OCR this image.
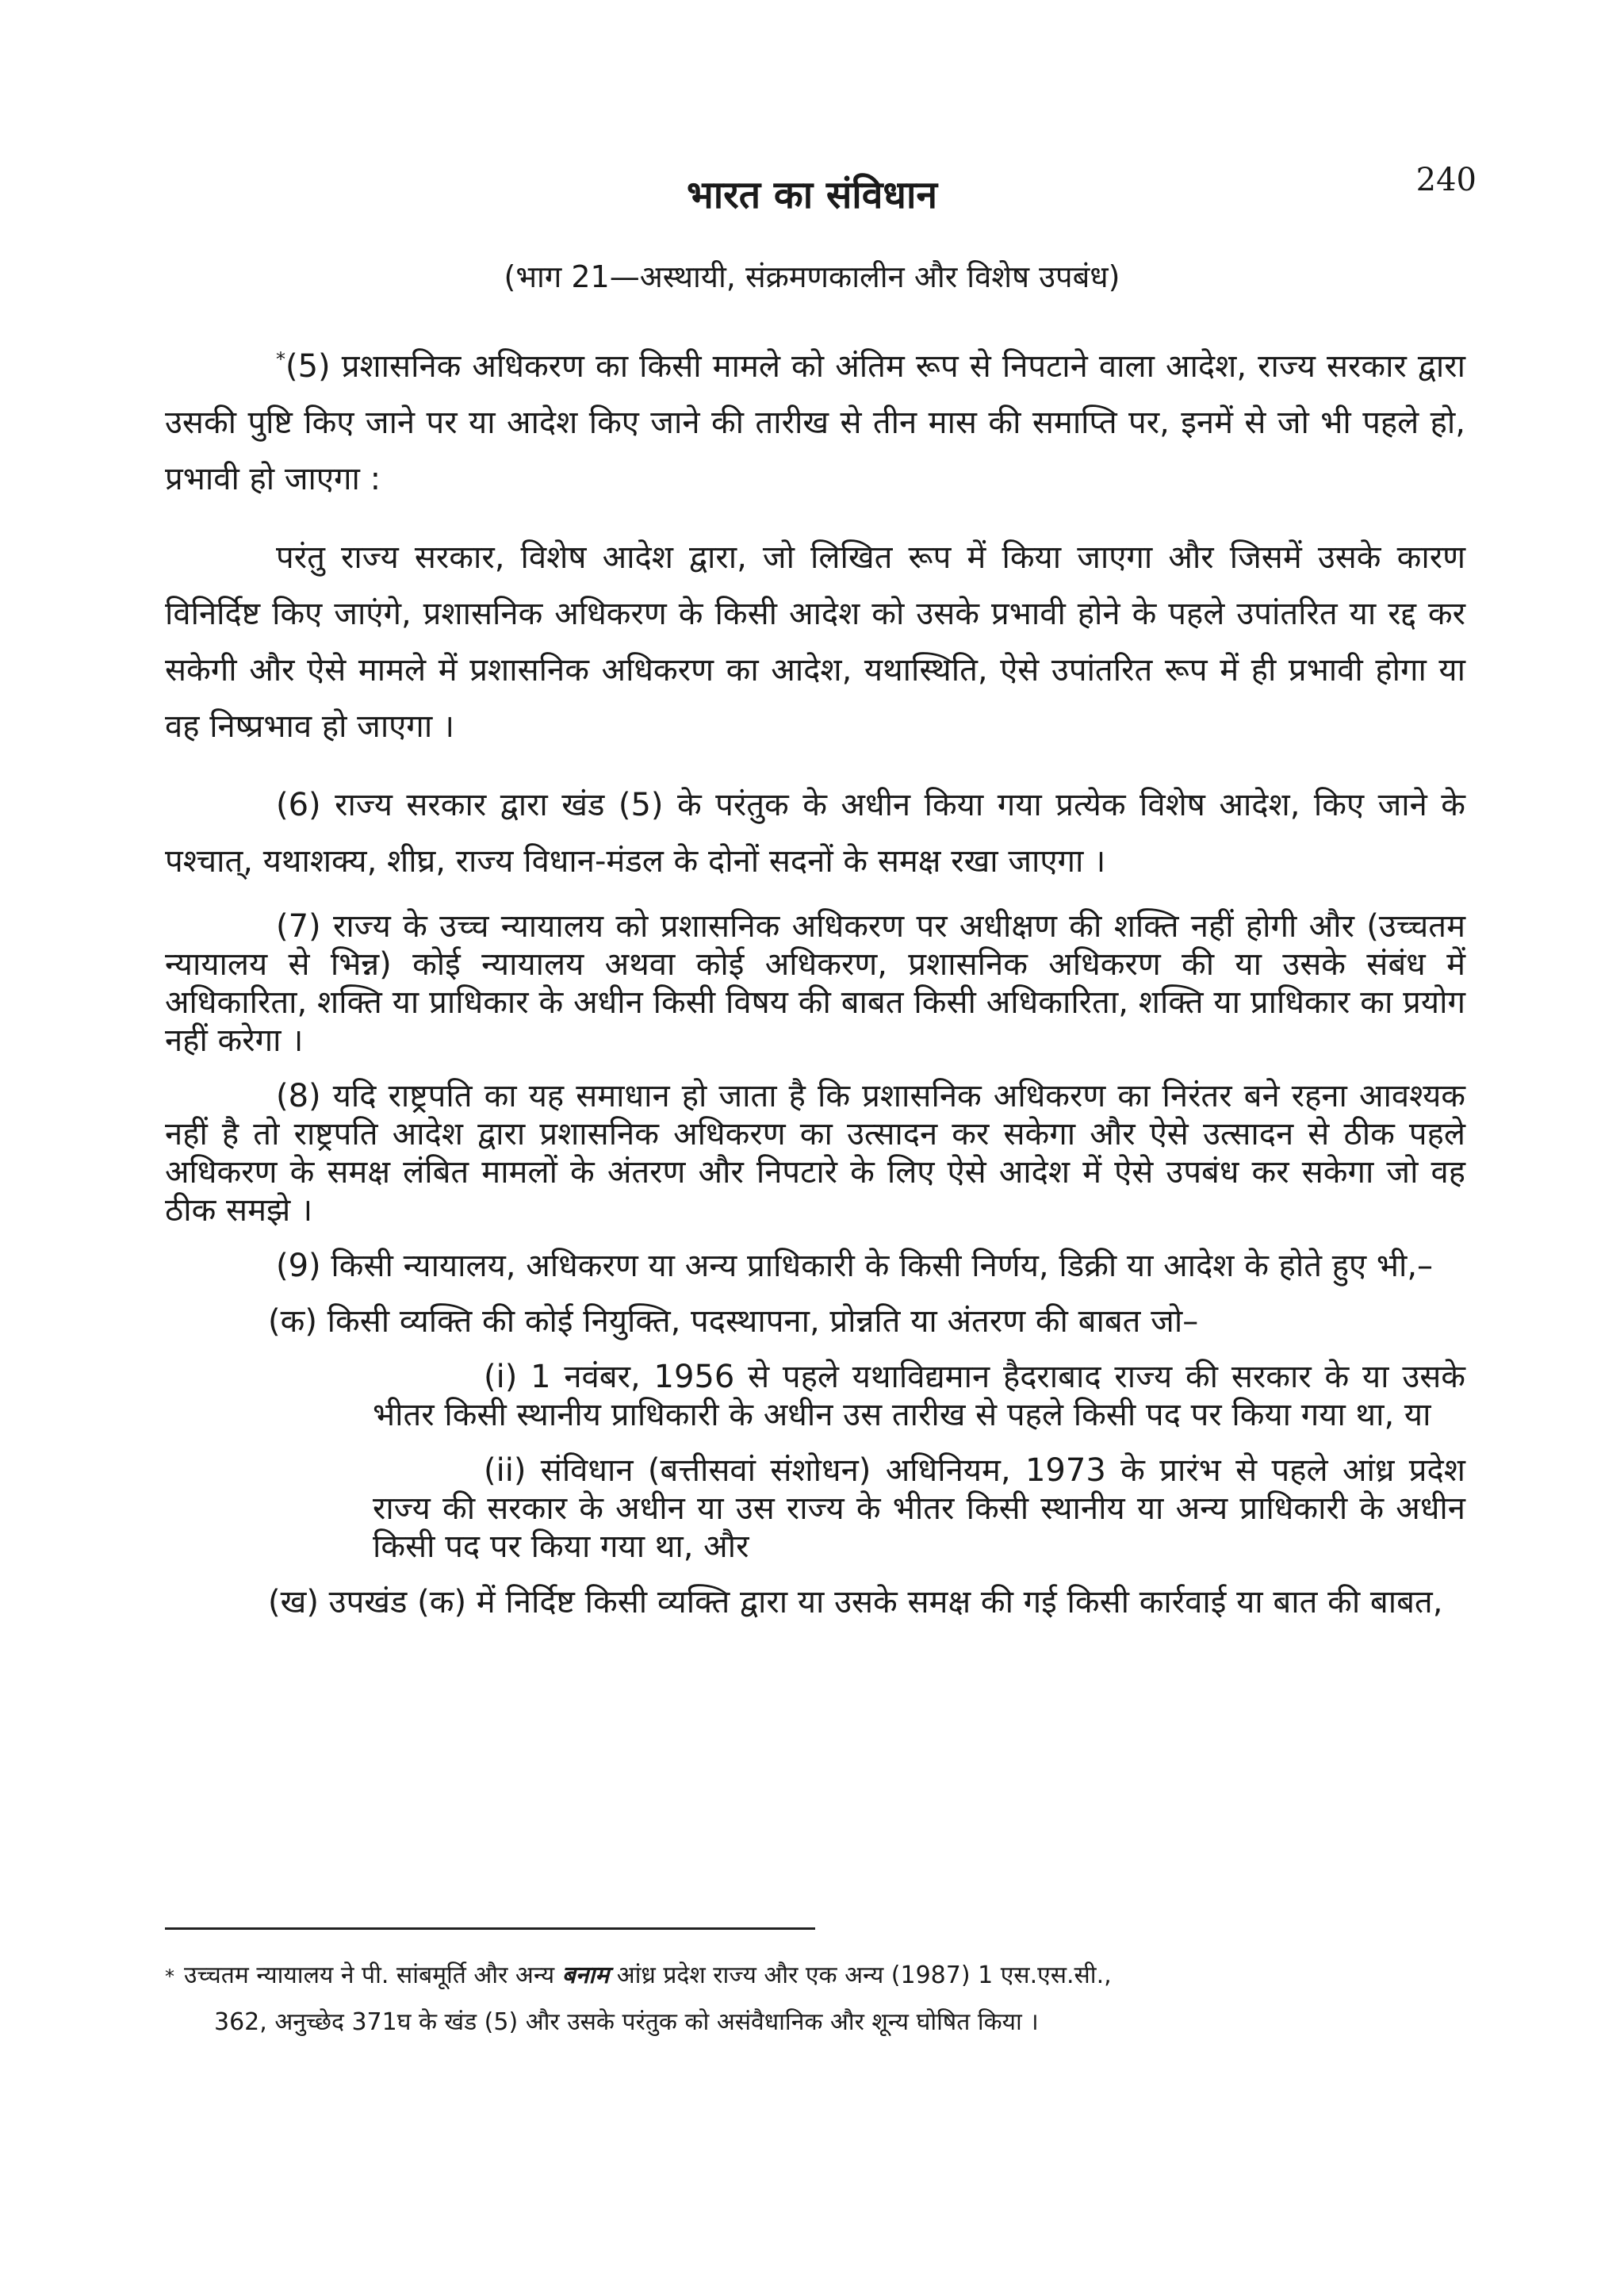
240
भारत का संविधान
(भाग 21—अस्थायी, संक्रमणकालीन और विशेष उपबंध)

*(5) प्रशासनिक अधिकरण का किसी मामले को अंतिम रूप से निपटाने वाला आदेश, राज्य सरकार द्वारा उसकी पुष्टि किए जाने पर या आदेश किए जाने की तारीख से तीन मास की समाप्ति पर, इनमें से जो भी पहले हो, प्रभावी हो जाएगा :

परंतु राज्य सरकार, विशेष आदेश द्वारा, जो लिखित रूप में किया जाएगा और जिसमें उसके कारण विनिर्दिष्ट किए जाएंगे, प्रशासनिक अधिकरण के किसी आदेश को उसके प्रभावी होने के पहले उपांतरित या रद्द कर सकेगी और ऐसे मामले में प्रशासनिक अधिकरण का आदेश, यथास्थिति, ऐसे उपांतरित रूप में ही प्रभावी होगा या वह निष्प्रभाव हो जाएगा ।

(6) राज्य सरकार द्वारा खंड (5) के परंतुक के अधीन किया गया प्रत्येक विशेष आदेश, किए जाने के पश्चात्, यथाशक्य, शीघ्र, राज्य विधान-मंडल के दोनों सदनों के समक्ष रखा जाएगा ।

(7) राज्य के उच्च न्यायालय को प्रशासनिक अधिकरण पर अधीक्षण की शक्ति नहीं होगी और (उच्चतम न्यायालय से भिन्न) कोई न्यायालय अथवा कोई अधिकरण, प्रशासनिक अधिकरण की या उसके संबंध में अधिकारिता, शक्ति या प्राधिकार के अधीन किसी विषय की बाबत किसी अधिकारिता, शक्ति या प्राधिकार का प्रयोग नहीं करेगा ।

(8) यदि राष्ट्रपति का यह समाधान हो जाता है कि प्रशासनिक अधिकरण का निरंतर बने रहना आवश्यक नहीं है तो राष्ट्रपति आदेश द्वारा प्रशासनिक अधिकरण का उत्सादन कर सकेगा और ऐसे उत्सादन से ठीक पहले अधिकरण के समक्ष लंबित मामलों के अंतरण और निपटारे के लिए ऐसे आदेश में ऐसे उपबंध कर सकेगा जो वह ठीक समझे ।

(9) किसी न्यायालय, अधिकरण या अन्य प्राधिकारी के किसी निर्णय, डिक्री या आदेश के होते हुए भी,–

(क) किसी व्यक्ति की कोई नियुक्ति, पदस्थापना, प्रोन्नति या अंतरण की बाबत जो–

(i) 1 नवंबर, 1956 से पहले यथाविद्यमान हैदराबाद राज्य की सरकार के या उसके भीतर किसी स्थानीय प्राधिकारी के अधीन उस तारीख से पहले किसी पद पर किया गया था, या

(ii) संविधान (बत्तीसवां संशोधन) अधिनियम, 1973 के प्रारंभ से पहले आंध्र प्रदेश राज्य की सरकार के अधीन या उस राज्य के भीतर किसी स्थानीय या अन्य प्राधिकारी के अधीन किसी पद पर किया गया था, और

(ख) उपखंड (क) में निर्दिष्ट किसी व्यक्ति द्वारा या उसके समक्ष की गई किसी कार्रवाई या बात की बाबत,

* उच्चतम न्यायालय ने पी. सांबमूर्ति और अन्य बनाम आंध्र प्रदेश राज्य और एक अन्य (1987) 1 एस.एस.सी.,
362, अनुच्छेद 371घ के खंड (5) और उसके परंतुक को असंवैधानिक और शून्य घोषित किया ।
